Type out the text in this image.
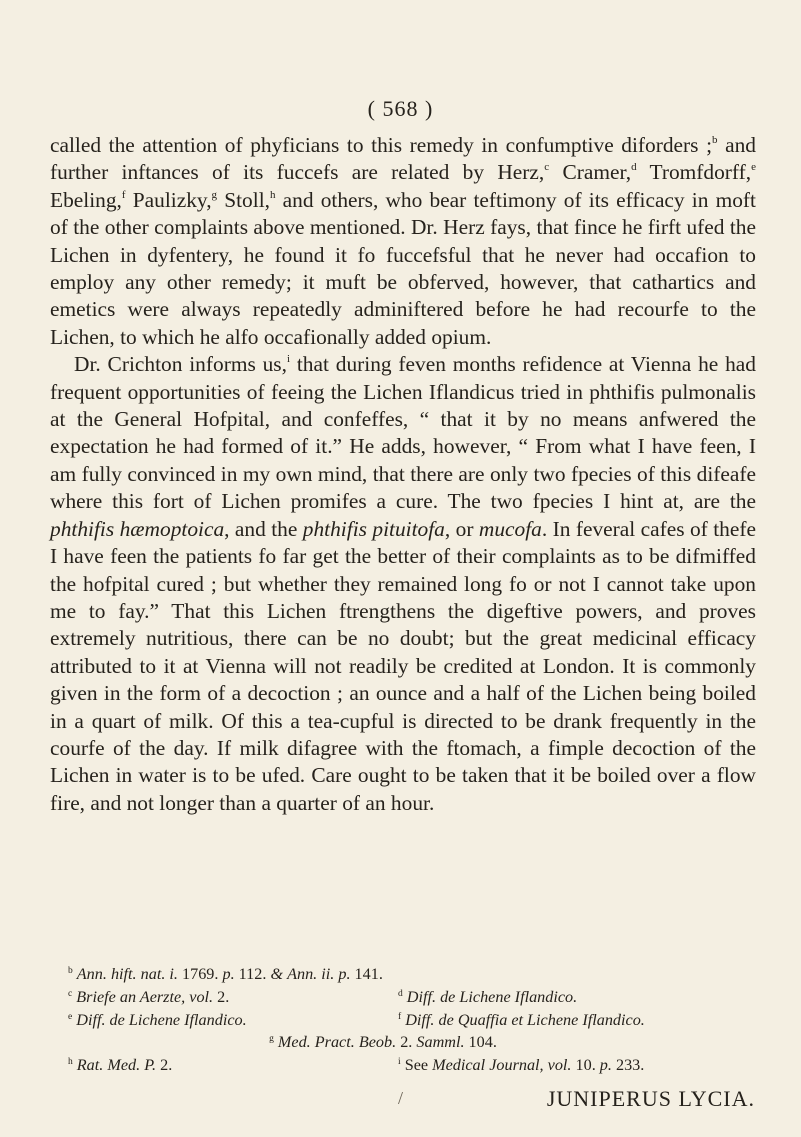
( 568 )

called the attention of phyficians to this remedy in confumptive diforders ;$^b$ and further inftances of its fuccefs are related by Herz,$^c$ Cramer,$^d$ Tromfdorff,$^e$ Ebeling,$^f$ Paulizky,$^g$ Stoll,$^h$ and others, who bear teftimony of its efficacy in moft of the other complaints above mentioned. Dr. Herz fays, that fince he firft ufed the Lichen in dyfentery, he found it fo fuccefsful that he never had occafion to employ any other remedy; it muft be obferved, however, that cathartics and emetics were always repeatedly adminiftered before he had recourfe to the Lichen, to which he alfo occafionally added opium.

Dr. Crichton informs us,$^i$ that during feven months refidence at Vienna he had frequent opportunities of feeing the Lichen Iflandicus tried in phthifis pulmonalis at the General Hofpital, and confeffes, “ that it by no means anfwered the expectation he had formed of it.” He adds, however, “ From what I have feen, I am fully convinced in my own mind, that there are only two fpecies of this difeafe where this fort of Lichen promifes a cure. The two fpecies I hint at, are the phthifis hæmoptoica, and the phthifis pituitofa, or mucofa. In feveral cafes of thefe I have feen the patients fo far get the better of their complaints as to be difmiffed the hofpital cured ; but whether they remained long fo or not I cannot take upon me to fay.” That this Lichen ftrengthens the digeftive powers, and proves extremely nutritious, there can be no doubt; but the great medicinal efficacy attributed to it at Vienna will not readily be credited at London. It is commonly given in the form of a decoction ; an ounce and a half of the Lichen being boiled in a quart of milk. Of this a tea-cupful is directed to be drank frequently in the courfe of the day. If milk difagree with the ftomach, a fimple decoction of the Lichen in water is to be ufed. Care ought to be taken that it be boiled over a flow fire, and not longer than a quarter of an hour.

$^b$ Ann. hift. nat. i. 1769. p. 112. & Ann. ii. p. 141.
$^c$ Briefe an Aerzte, vol. 2.	$^d$ Diff. de Lichene Iflandico.
$^e$ Diff. de Lichene Iflandico.	$^f$ Diff. de Quaffia et Lichene Iflandico.
$^g$ Med. Pract. Beob. 2. Samml. 104.
$^h$ Rat. Med. P. 2.	$^i$ See Medical Journal, vol. 10. p. 233.
/	JUNIPERUS LYCIA.
